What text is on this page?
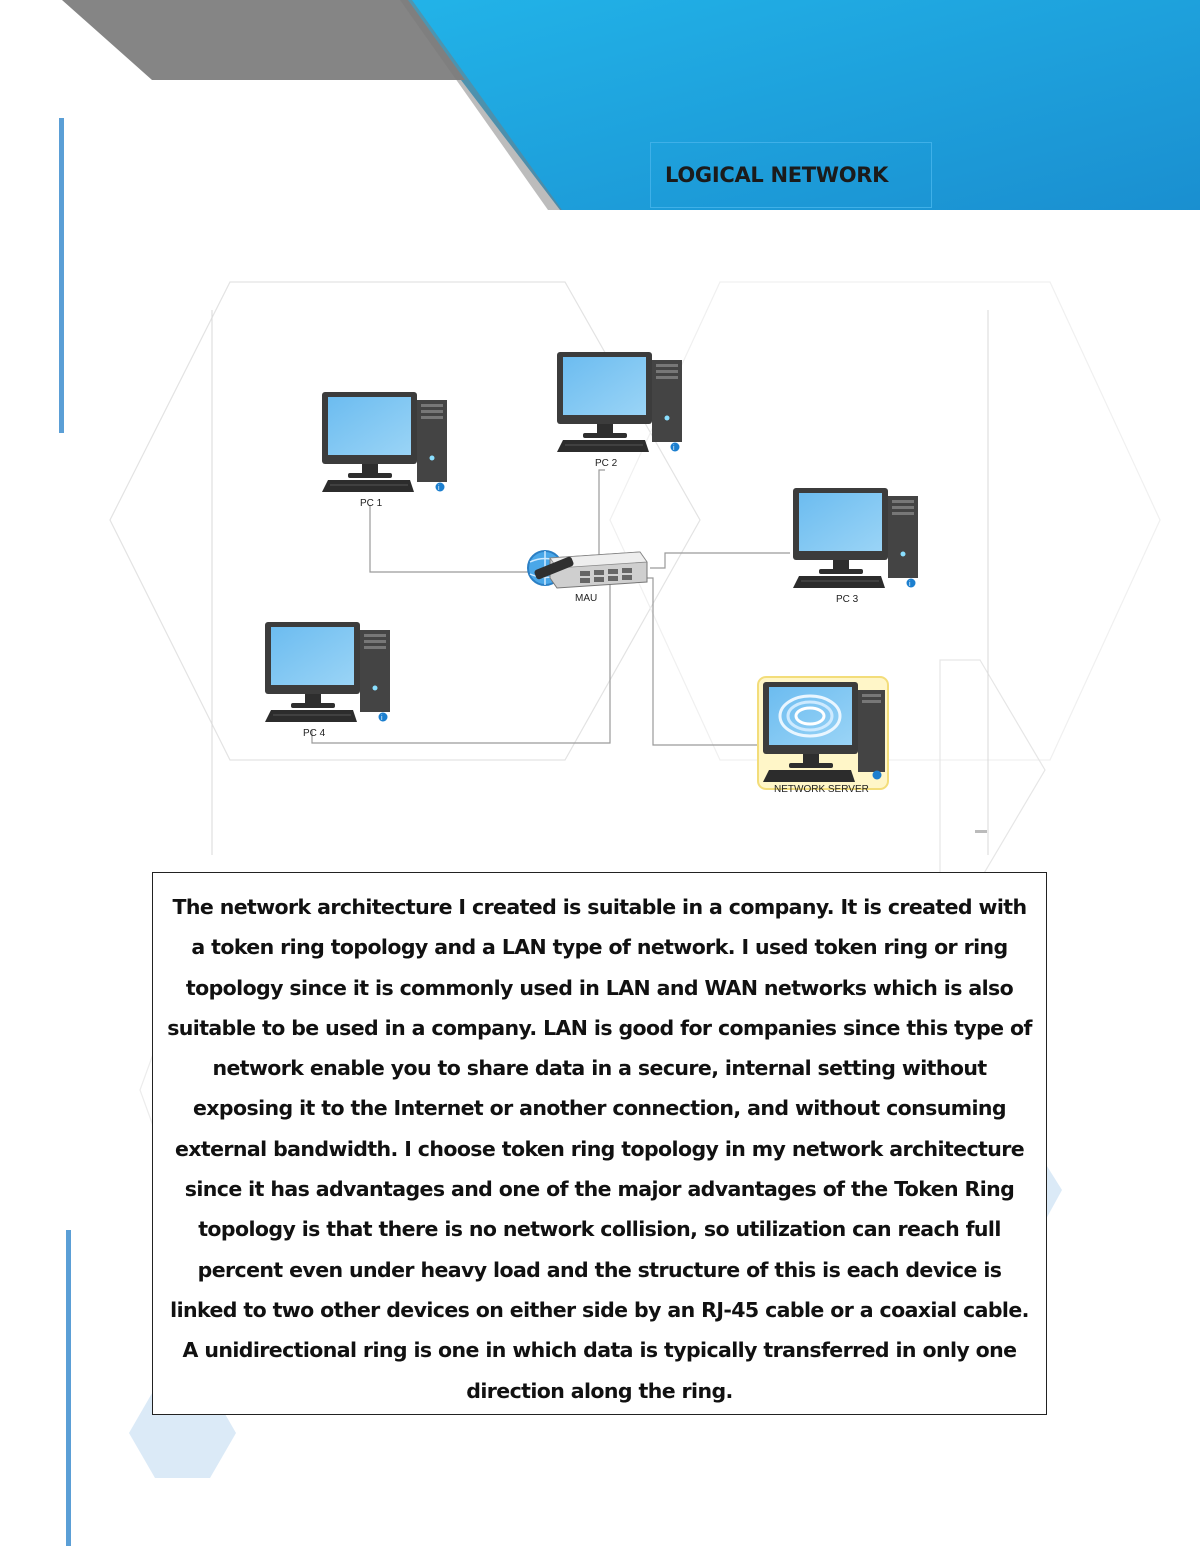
LOGICAL NETWORK
PC 1
PC 2
PC 3
PC 4
MAU
NETWORK SERVER

The network architecture I created is suitable in a company. It is created with a token ring topology and a LAN type of network. I used token ring or ring topology since it is commonly used in LAN and WAN networks which is also suitable to be used in a company. LAN is good for companies since this type of network enable you to share data in a secure, internal setting without exposing it to the Internet or another connection, and without consuming external bandwidth. I choose token ring topology in my network architecture since it has advantages and one of the major advantages of the Token Ring topology is that there is no network collision, so utilization can reach full percent even under heavy load and the structure of this is each device is linked to two other devices on either side by an RJ-45 cable or a coaxial cable. A unidirectional ring is one in which data is typically transferred in only one direction along the ring.
